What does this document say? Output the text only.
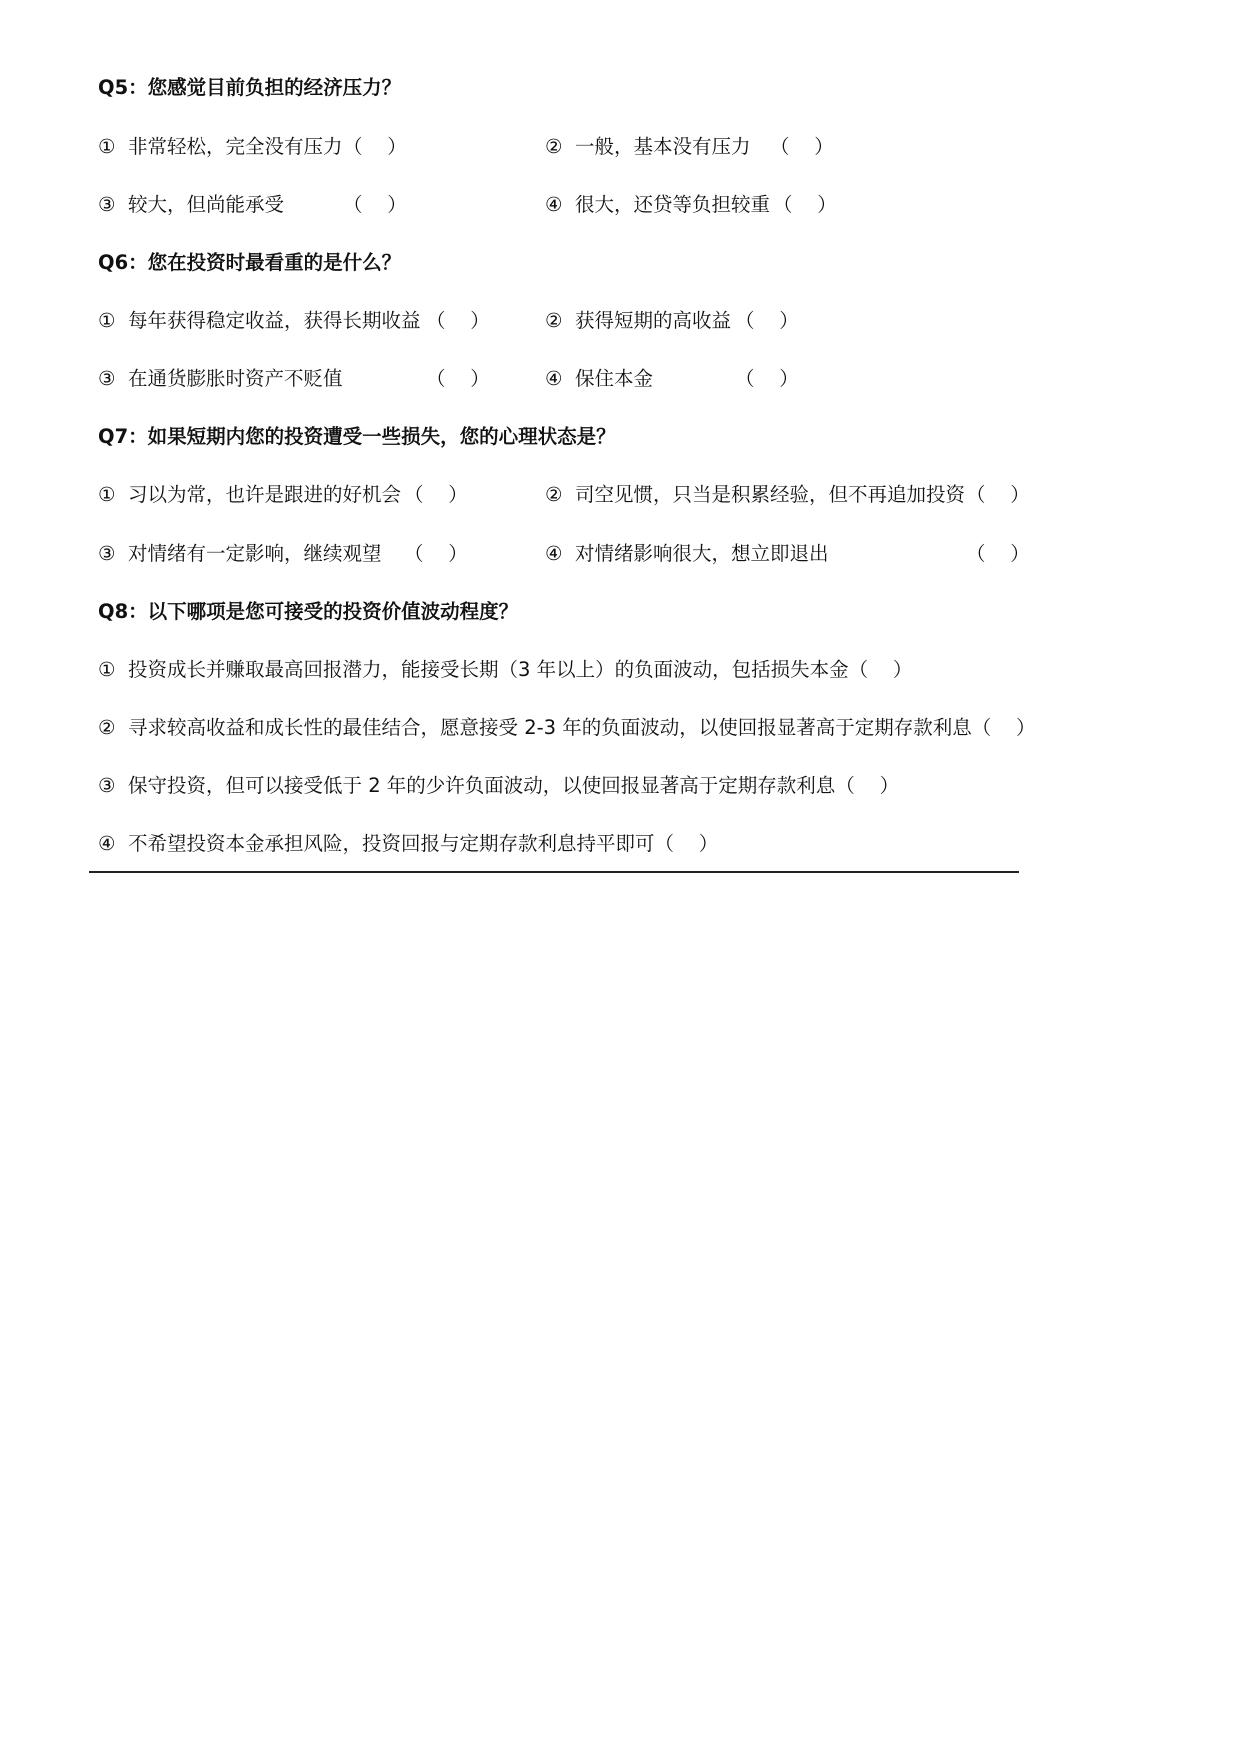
Q5：您感觉目前负担的经济压力？
① 非常轻松，完全没有压力 （    ）	② 一般，基本没有压力 （    ）
③ 较大，但尚能承受	（    ）	④ 很大，还贷等负担较重 （    ）
Q6：您在投资时最看重的是什么？
① 每年获得稳定收益，获得长期收益 （    ）	② 获得短期的高收益 （    ）
③ 在通货膨胀时资产不贬值	（    ）	④ 保住本金	（    ）
Q7：如果短期内您的投资遭受一些损失，您的心理状态是？
① 习以为常，也许是跟进的好机会 （    ）	② 司空见惯，只当是积累经验，但不再追加投资 （    ）
③ 对情绪有一定影响，继续观望 （    ）	④ 对情绪影响很大，想立即退出	（    ）
Q8：以下哪项是您可接受的投资价值波动程度？
① 投资成长并赚取最高回报潜力，能接受长期（3 年以上）的负面波动，包括损失本金（    ）
② 寻求较高收益和成长性的最佳结合，愿意接受 2-3 年的负面波动，以使回报显著高于定期存款利息（    ）
③ 保守投资，但可以接受低于 2 年的少许负面波动，以使回报显著高于定期存款利息（    ）
④ 不希望投资本金承担风险，投资回报与定期存款利息持平即可（    ）
